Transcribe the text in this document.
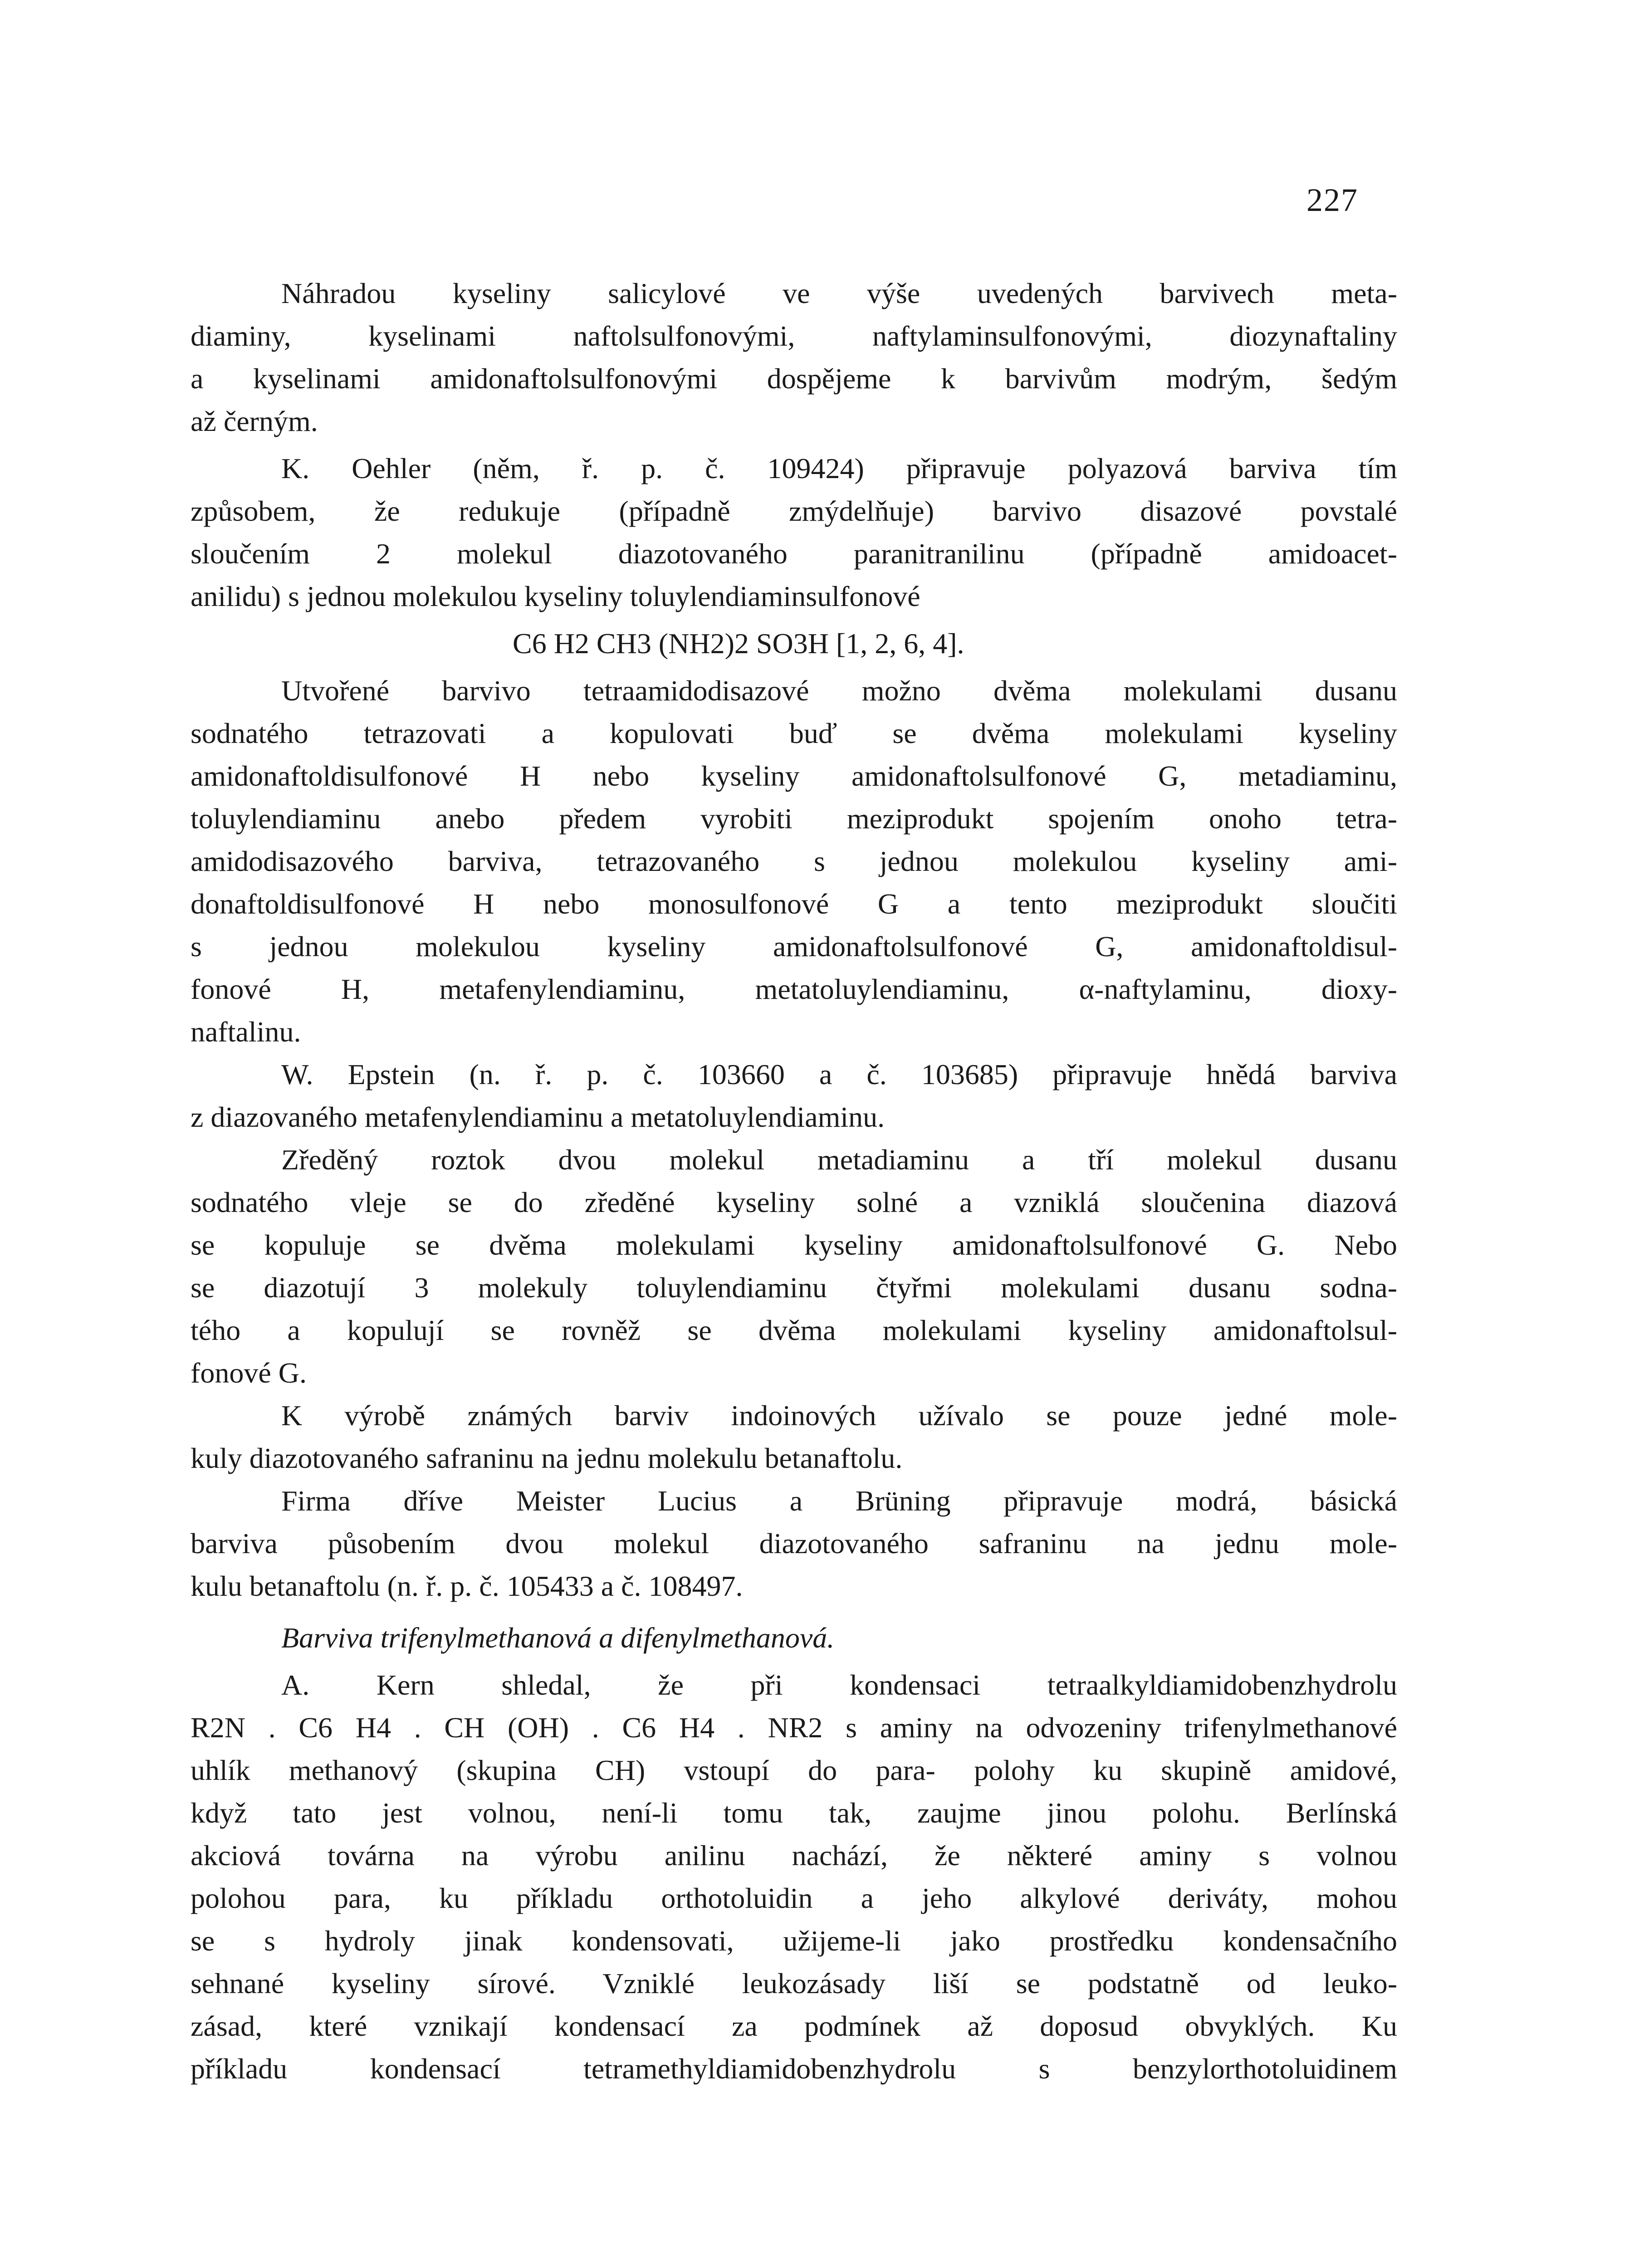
227
Náhradou kyseliny salicylové ve výše uvedených barvivech meta-
diaminy, kyselinami naftolsulfonovými, naftylaminsulfonovými, diozynaftaliny
a kyselinami amidonaftolsulfonovými dospějeme k barvivům modrým, šedým
až černým.
K. Oehler (něm, ř. p. č. 109424) připravuje polyazová barviva tím
způsobem, že redukuje (případně zmýdelňuje) barvivo disazové povstalé
sloučením 2 molekul diazotovaného paranitranilinu (případně amidoacet-
anilidu) s jednou molekulou kyseliny toluylendiaminsulfonové
C6 H2 CH3 (NH2)2 SO3H [1, 2, 6, 4].
Utvořené barvivo tetraamidodisazové možno dvěma molekulami dusanu
sodnatého tetrazovati a kopulovati buď se dvěma molekulami kyseliny
amidonaftoldisulfonové H nebo kyseliny amidonaftolsulfonové G, metadiaminu,
toluylendiaminu anebo předem vyrobiti meziprodukt spojením onoho tetra-
amidodisazového barviva, tetrazovaného s jednou molekulou kyseliny ami-
donaftoldisulfonové H nebo monosulfonové G a tento meziprodukt sloučiti
s jednou molekulou kyseliny amidonaftolsulfonové G, amidonaftoldisul-
fonové H, metafenylendiaminu, metatoluylendiaminu, α-naftylaminu, dioxy-
naftalinu.
W. Epstein (n. ř. p. č. 103660 a č. 103685) připravuje hnědá barviva
z diazovaného metafenylendiaminu a metatoluylendiaminu.
Zředěný roztok dvou molekul metadiaminu a tří molekul dusanu
sodnatého vleje se do zředěné kyseliny solné a vzniklá sloučenina diazová
se kopuluje se dvěma molekulami kyseliny amidonaftolsulfonové G. Nebo
se diazotují 3 molekuly toluylendiaminu čtyřmi molekulami dusanu sodna-
tého a kopulují se rovněž se dvěma molekulami kyseliny amidonaftolsul-
fonové G.
K výrobě známých barviv indoinových užívalo se pouze jedné mole-
kuly diazotovaného safraninu na jednu molekulu betanaftolu.
Firma dříve Meister Lucius a Brüning připravuje modrá, básická
barviva působením dvou molekul diazotovaného safraninu na jednu mole-
kulu betanaftolu (n. ř. p. č. 105433 a č. 108497.
Barviva trifenylmethanová a difenylmethanová.
A. Kern shledal, že při kondensaci tetraalkyldiamidobenzhydrolu
R2N . C6 H4 . CH (OH) . C6 H4 . NR2 s aminy na odvozeniny trifenylmethanové
uhlík methanový (skupina CH) vstoupí do para- polohy ku skupině amidové,
když tato jest volnou, není-li tomu tak, zaujme jinou polohu. Berlínská
akciová továrna na výrobu anilinu nachází, že některé aminy s volnou
polohou para, ku příkladu orthotoluidin a jeho alkylové deriváty, mohou
se s hydroly jinak kondensovati, užijeme-li jako prostředku kondensačního
sehnané kyseliny sírové. Vzniklé leukozásady liší se podstatně od leuko-
zásad, které vznikají kondensací za podmínek až doposud obvyklých. Ku
příkladu kondensací tetramethyldiamidobenzhydrolu s benzylorthotoluidinem
